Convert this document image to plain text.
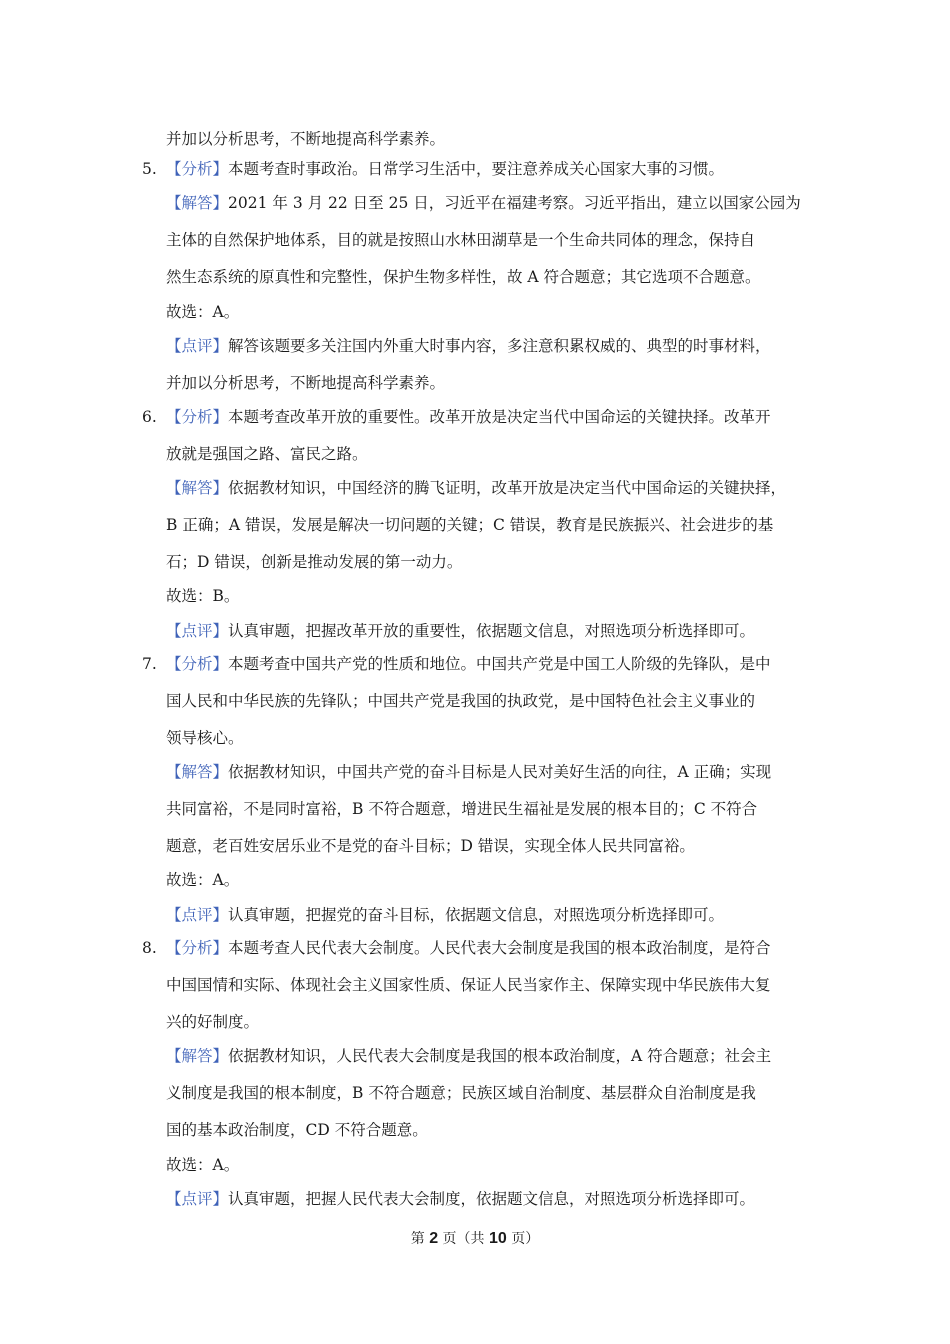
并加以分析思考，不断地提高科学素养。
5. 【分析】本题考查时事政治。日常学习生活中，要注意养成关心国家大事的习惯。
【解答】2021 年 3 月 22 日至 25 日，习近平在福建考察。习近平指出，建立以国家公园为
主体的自然保护地体系，目的就是按照山水林田湖草是一个生命共同体的理念，保持自
然生态系统的原真性和完整性，保护生物多样性，故 A 符合题意；其它选项不合题意。
故选：A。
【点评】解答该题要多关注国内外重大时事内容，多注意积累权威的、典型的时事材料，
并加以分析思考，不断地提高科学素养。
6. 【分析】本题考查改革开放的重要性。改革开放是决定当代中国命运的关键抉择。改革开
放就是强国之路、富民之路。
【解答】依据教材知识，中国经济的腾飞证明，改革开放是决定当代中国命运的关键抉择，
B 正确；A 错误，发展是解决一切问题的关键；C 错误，教育是民族振兴、社会进步的基
石；D 错误，创新是推动发展的第一动力。
故选：B。
【点评】认真审题，把握改革开放的重要性，依据题文信息，对照选项分析选择即可。
7. 【分析】本题考查中国共产党的性质和地位。中国共产党是中国工人阶级的先锋队，是中
国人民和中华民族的先锋队；中国共产党是我国的执政党，是中国特色社会主义事业的
领导核心。
【解答】依据教材知识，中国共产党的奋斗目标是人民对美好生活的向往，A 正确；实现
共同富裕，不是同时富裕，B 不符合题意，增进民生福祉是发展的根本目的；C 不符合
题意，老百姓安居乐业不是党的奋斗目标；D 错误，实现全体人民共同富裕。
故选：A。
【点评】认真审题，把握党的奋斗目标，依据题文信息，对照选项分析选择即可。
8. 【分析】本题考查人民代表大会制度。人民代表大会制度是我国的根本政治制度，是符合
中国国情和实际、体现社会主义国家性质、保证人民当家作主、保障实现中华民族伟大复
兴的好制度。
【解答】依据教材知识，人民代表大会制度是我国的根本政治制度，A 符合题意；社会主
义制度是我国的根本制度，B 不符合题意；民族区域自治制度、基层群众自治制度是我
国的基本政治制度，CD 不符合题意。
故选：A。
【点评】认真审题，把握人民代表大会制度，依据题文信息，对照选项分析选择即可。
第 2 页（共 10 页）
